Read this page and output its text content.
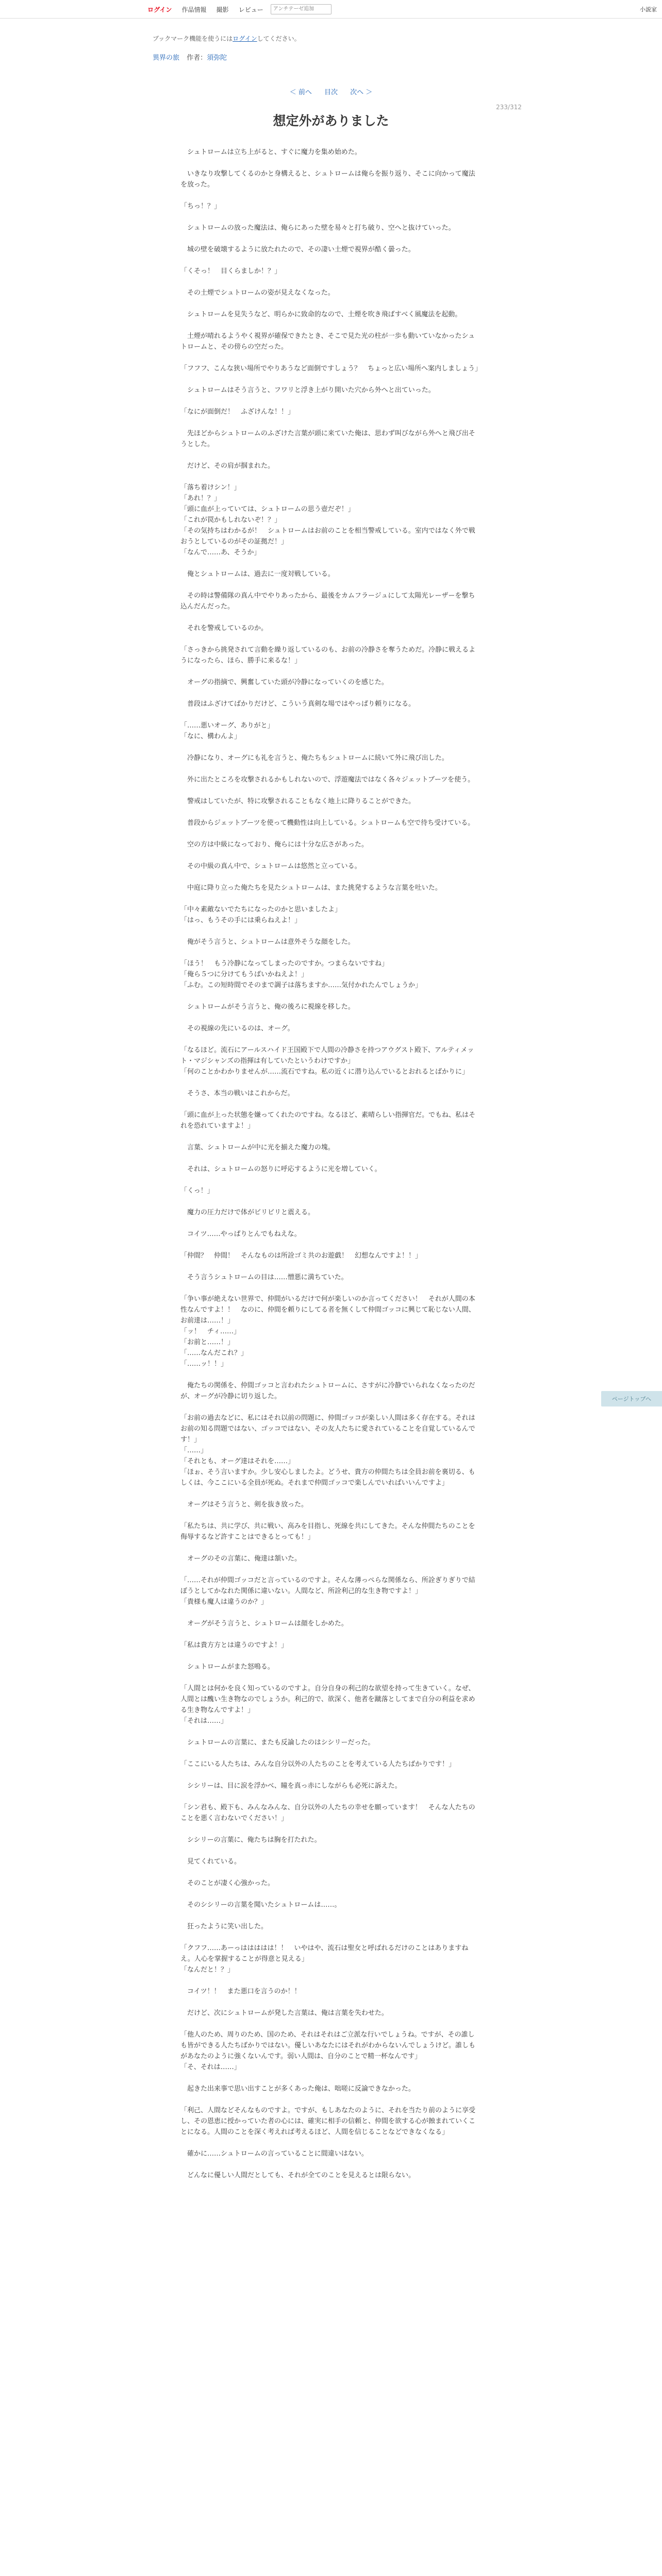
ログイン 作品情報 撮影 レビュー
アンチテーゼ追加	小説家
ブックマーク機能を使うにはログインしてください。
異界の旅 作者：須弥陀
＜ 前へ 目次 次へ ＞
233/312
想定外がありました

　シュトロームは立ち上がると、すぐに魔力を集め始めた。

　いきなり攻撃してくるのかと身構えると、シュトロームは俺らを振り返り、そこに向かって魔法を放った。

「ちっ！？」

　シュトロームの放った魔法は、俺らにあった壁を易々と打ち破り、空へと抜けていった。

　城の壁を破壊するように放たれたので、その凄い土煙で視界が酷く曇った。

「くそっ！　目くらましか！？」

　その土煙でシュトロームの姿が見えなくなった。

　シュトロームを見失うなど、明らかに致命的なので、土煙を吹き飛ばすべく風魔法を起動。

　土煙が晴れるようやく視界が確保できたとき、そこで見た光の柱が一歩も動いていなかったシュトロームと、その傍らの空だった。

「フフフ、こんな狭い場所でやりあうなど面倒ですしょう？　ちょっと広い場所へ案内しましょう」

　シュトロームはそう言うと、フワリと浮き上がり開いた穴から外へと出ていった。

「なにが面倒だ！　ふざけんな！！」

　先ほどからシュトロームのふざけた言葉が頭に来ていた俺は、思わず叫びながら外へと飛び出そうとした。

　だけど、その肩が掴まれた。

「落ち着けシン！」
「あれ！？」
「頭に血が上っていては、シュトロームの思う壺だぞ！」
「これが罠かもしれないぞ！？」
「その気持ちはわかるが！　シュトロームはお前のことを相当警戒している。室内ではなく外で戦おうとしているのがその証拠だ！」
「なんで……あ、そうか」

　俺とシュトロームは、過去に一度対戦している。

　その時は警備隊の真ん中でやりあったから、最後をカムフラージュにして太陽光レーザーを撃ち込んだんだった。

　それを警戒しているのか。

「さっきから挑発されて言動を繰り返しているのも、お前の冷静さを奪うためだ。冷静に戦えるようになったら、ほら、勝手に来るな！」

　オーグの指摘で、興奮していた頭が冷静になっていくのを感じた。

　普段はふざけてばかりだけど、こういう真剣な場ではやっぱり頼りになる。

「……悪いオーグ、ありがと」
「なに、構わんよ」

　冷静になり、オーグにも礼を言うと、俺たちもシュトロームに続いて外に飛び出した。

　外に出たところを攻撃されるかもしれないので、浮遊魔法ではなく各々ジェットブーツを使う。

　警戒はしていたが、特に攻撃されることもなく地上に降りることができた。

　普段からジェットブーツを使って機動性は向上している。シュトロームも空で待ち受けている。

　空の方は中級になっており、俺らには十分な広さがあった。

　その中級の真ん中で、シュトロームは悠然と立っている。

　中庭に降り立った俺たちを見たシュトロームは、また挑発するような言葉を吐いた。

「中々素敵ないでたちになったのかと思いましたよ」
「はっ、もうその手には乗らねえよ！」

　俺がそう言うと、シュトロームは意外そうな顔をした。

「ほう！　もう冷静になってしまったのですか。つまらないですね」
「俺ら５つに分けてもうばいかねえよ！」
「ふむ。この短時間でそのまで調子は落ちますか……気付かれたんでしょうか」

　シュトロームがそう言うと、俺の後ろに視線を移した。

　その視線の先にいるのは、オーグ。

「なるほど。流石にアールスハイド王国殿下で人間の冷静さを持つアウグスト殿下、アルティメット・マジシャンズの指揮は有していたというわけですか」
「何のことかわかりませんが……流石ですね。私の近くに潜り込んでいるとおれるとばかりに」

　そうさ、本当の戦いはこれからだ。

「頭に血が上った状態を嫌ってくれたのですね。なるほど、素晴らしい指揮官だ。でもね、私はそれを恐れていますよ！」

　言葉、シュトロームが中に光を揃えた魔力の塊。

　それは、シュトロームの怒りに呼応するように光を増していく。

「くっ！」

　魔力の圧力だけで体がビリビリと震える。

　コイツ……やっぱりとんでもねえな。

「仲間？　仲間！　そんなものは所詮ゴミ共のお遊戯！　幻想なんですよ！！」

　そう言うシュトロームの目は……憎悪に満ちていた。

「争い事が絶えない世界で、仲間がいるだけで何が楽しいのか言ってください！　それが人間の本性なんですよ！！　なのに、仲間を頼りにしてる者を無くして仲間ゴッコに興じて恥じない人間、お前達は……！」
「ッ！　チィ……」
「お前と……！」
「……なんだこれ？」
「……ッ！！」

　俺たちの関係を、仲間ゴッコと言われたシュトロームに、さすがに冷静でいられなくなったのだが、オーグが冷静に切り返した。

「お前の過去などに、私にはそれ以前の問題に、仲間ゴッコが楽しい人間は多く存在する。それはお前の知る問題ではない、ゴッコではない、その友人たちに愛されていることを自覚しているんです！」
「……」
「それとも、オーグ達はそれを……」
「ほぉ、そう言いますか。少し安心しましたよ。どうせ、貴方の仲間たちは全員お前を裏切る、もしくは、今ここにいる全員が死ぬ。それまで仲間ゴッコで楽しんでいればいいんですよ」

　オーグはそう言うと、剣を抜き放った。

「私たちは、共に学び、共に戦い、高みを目指し、死線を共にしてきた。そんな仲間たちのことを侮辱するなど許すことはできるとっても！」

　オーグのその言葉に、俺達は頷いた。

「……それが仲間ゴッコだと言っているのですよ。そんな薄っぺらな関係なら、所詮ぎりぎりで結ぼうとしてかなれた関係に違いない。人間など、所詮利己的な生き物ですよ！」
「貴様も魔人は違うのか？」

　オーグがそう言うと、シュトロームは顔をしかめた。

「私は貴方方とは違うのですよ！」

　シュトロームがまた怒鳴る。

「人間とは何かを良く知っているのですよ。自分自身の利己的な欲望を持って生きていく。なぜ、人間とは醜い生き物なのでしょうか。利己的で、欲深く、他者を蹴落としてまで自分の利益を求める生き物なんですよ！」
「それは……」

　シュトロームの言葉に、またも反論したのはシシリーだった。

「ここにいる人たちは、みんな自分以外の人たちのことを考えている人たちばかりです！」

　シシリーは、目に涙を浮かべ、瞳を真っ赤にしながらも必死に訴えた。

「シン君も、殿下も、みんなみんな、自分以外の人たちの幸せを願っています！　そんな人たちのことを悪く言わないでください！」

　シシリーの言葉に、俺たちは胸を打たれた。

　見てくれている。

　そのことが凄く心強かった。

　そのシシリーの言葉を聞いたシュトロームは……。

　狂ったように笑い出した。

「クフフ……あーっははははは！！　いやはや、流石は聖女と呼ばれるだけのことはありますねえ。人心を掌握することが得意と見える」
「なんだと！？」

　コイツ！！　また悪口を言うのか！！

　だけど、次にシュトロームが発した言葉は、俺は言葉を失わせた。

「他人のため、周りのため、国のため、それはそれはご立派な行いでしょうね。ですが、その誰しも皆ができる人たちばかりではない。優しいあなたにはそれがわからないんでしょうけど。誰しもがあなたのように強くないんです。弱い人間は、自分のことで精一杯なんです」
「そ、それは……」

　起きた出来事で思い出すことが多くあった俺は、咄嗟に反論できなかった。

「利己、人間などそんなものですよ。ですが、もしあなたのように、それを当たり前のように享受し、その恩恵に授かっていた者の心には、確実に相手の信頼と、仲間を欲する心が蝕まれていくことになる。人間のことを深く考えれば考えるほど、人間を信じることなどできなくなる」

　確かに……シュトロームの言っていることに間違いはない。

　どんなに優しい人間だとしても、それが全てのことを見えるとは限らない。

ページトップへ
